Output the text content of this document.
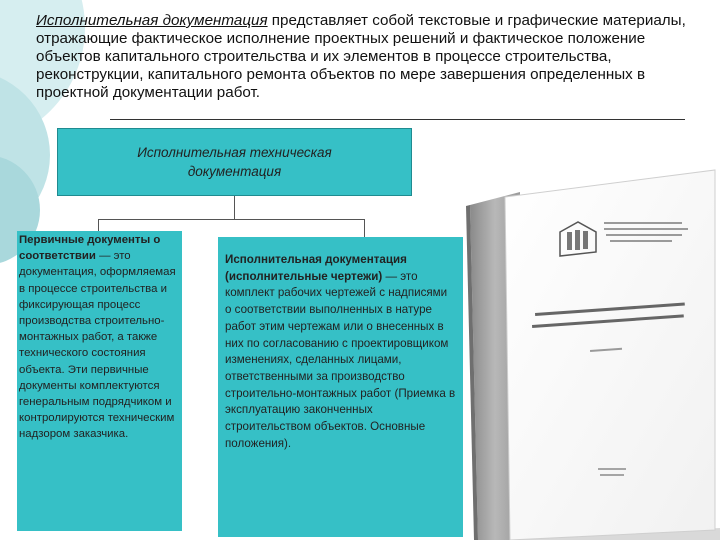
Исполнительная документация представляет собой текстовые и графические материалы, отражающие фактическое исполнение проектных решений и фактическое положение объектов капитального строительства и их элементов в процессе строительства, реконструкции, капитального ремонта объектов по мере завершения определенных в проектной документации работ.
Исполнительная техническая документация
Первичные документы о соответствии — это документация, оформляемая в процессе строительства и фиксирующая процесс производства строительно-монтажных работ, а также технического состояния объекта. Эти первичные документы комплектуются генеральным подрядчиком и контролируются техническим надзором заказчика.
Исполнительная документация (исполнительные чертежи) — это комплект рабочих чертежей с надписями о соответствии выполненных в натуре работ этим чертежам или о внесенных в них по согласованию с проектировщиком изменениях, сделанных лицами, ответственными за производство строительно-монтажных работ (Приемка в эксплуатацию законченных строительством объектов. Основные положения).
